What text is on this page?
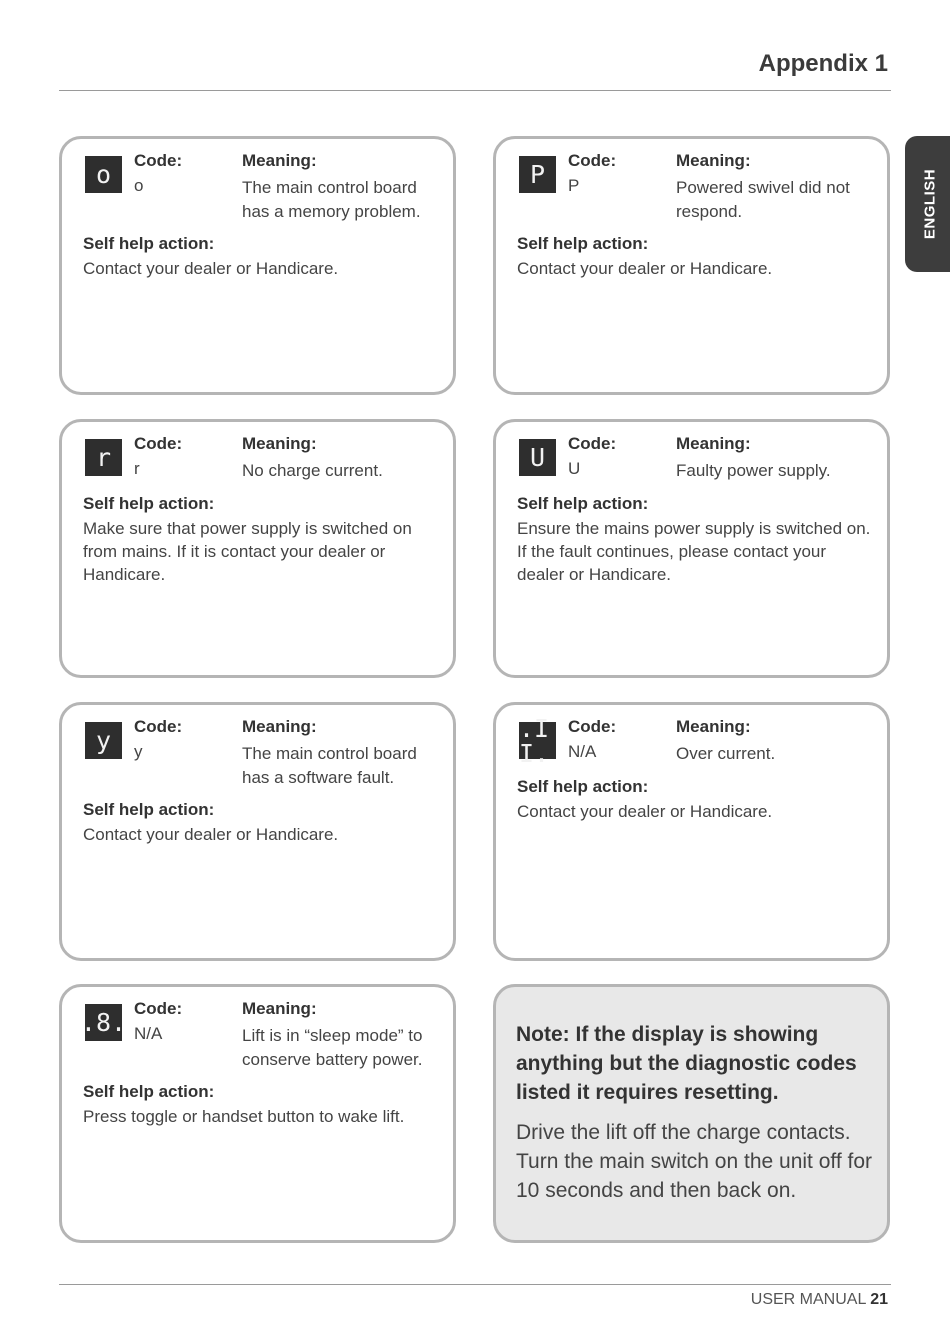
Appendix 1
ENGLISH
o	Code:
o
Meaning:
The main control board has a memory problem.
Self help action:
Contact your dealer or Handicare.
P	Code:
P
Meaning:
Powered swivel did not respond.
Self help action:
Contact your dealer or Handicare.
r	Code:
r
Meaning:
No charge current.
Self help action:
Make sure that power supply is switched on from mains. If it is contact your dealer or Handicare.
U	Code:
U
Meaning:
Faulty power supply.
Self help action:
Ensure the mains power supply is switched on. If the fault continues, please contact your dealer or Handicare.
y	Code:
y
Meaning:
The main control board has a software fault.
Self help action:
Contact your dealer or Handicare.
.I I.
Code:
N/A
Meaning:
Over current.
Self help action:
Contact your dealer or Handicare.
.8. Code:
N/A
Meaning:
Lift is in “sleep mode” to conserve battery power.
Self help action:
Press toggle or handset button to wake lift.
Note: If the display is showing anything but the diagnostic codes listed it requires resetting.
Drive the lift off the charge contacts. Turn the main switch on the unit off for 10 seconds and then back on.
USER MANUAL 21
